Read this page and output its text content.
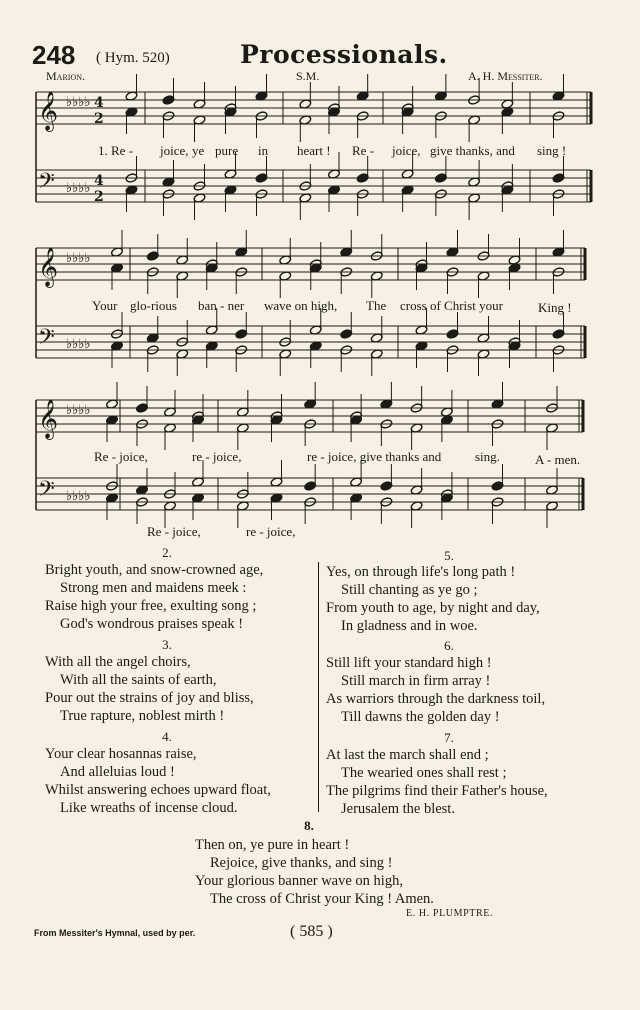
248 ( Hym. 520)	Processionals.
Marion.	S.M.	A. H. Messiter.
𝄞
𝄢
♭♭♭♭
♭♭♭♭
4
2
4
2
𝄞
𝄢
♭♭♭♭
♭♭♭♭
𝄞
𝄢
♭♭♭♭
♭♭♭♭
1. Re - joice, ye pure in heart ! Re - joice, give thanks, and sing !
Your glo-rious ban - ner wave on high, The cross of Christ your	King !
Re - joice,	re - joice,	re - joice, give thanks and	sing.	A - men.
Re - joice,	re - joice,
2.
Bright youth, and snow-crowned age,
Strong men and maidens meek :
Raise high your free, exulting song ;
God's wondrous praises speak !
3.
With all the angel choirs,
With all the saints of earth,
Pour out the strains of joy and bliss,
True rapture, noblest mirth !
4.
Your clear hosannas raise,
And alleluias loud !
Whilst answering echoes upward float,
Like wreaths of incense cloud.
5.
Yes, on through life's long path !
Still chanting as ye go ;
From youth to age, by night and day,
In gladness and in woe.
6.
Still lift your standard high !
Still march in firm array !
As warriors through the darkness toil,
Till dawns the golden day !
7.
At last the march shall end ;
The wearied ones shall rest ;
The pilgrims find their Father's house,
Jerusalem the blest.
8.
Then on, ye pure in heart !
Rejoice, give thanks, and sing !
Your glorious banner wave on high,
The cross of Christ your King ! Amen.
E. H. PLUMPTRE.
From Messiter's Hymnal, used by per.	( 585 )
